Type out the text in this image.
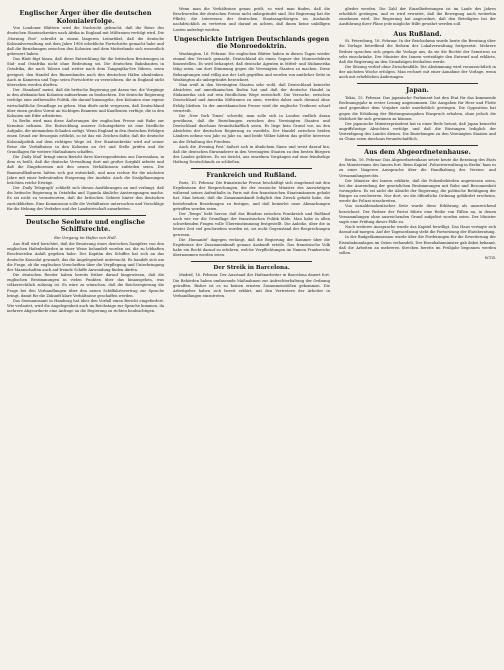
Englischer Ärger über die deutschen Kolonialerfolge.

Von Londoner Blättern wird die Nachricht gebracht, daß die Reise des deutschen Staatssekretärs nach Afrika in England mit Mißtrauen verfolgt wird. Die ‚Morning Post‘ schreibt in einem längeren Leitartikel, daß die deutsche Kolonialverwaltung seit dem Jahre 1906 erhebliche Fortschritte gemacht habe und daß die Beziehungen zwischen den Kolonien und dem Mutterlande sich wesentlich gebessert haben.

Das Blatt fügt hinzu, daß diese Entwicklung für die britischen Besitzungen in Süd- und Ostafrika nicht ohne Bedeutung sei. Die deutschen Bahnbauten in Ostafrika, die nach Tabora und weiter nach dem Tanganjika-See führen, seien geeignet, den Handel des Binnenlandes nach den deutschen Häfen abzulenken. Auch in Kamerun und Togo seien Fortschritte zu verzeichnen, die in England nicht übersehen werden dürften.

Der ‚Standard‘ meint, daß die britische Regierung gut daran tue, die Vorgänge in den afrikanischen Kolonien aufmerksam zu beobachten. Die deutsche Regierung verfolge eine zielbewußte Politik, die darauf hinausgehe, den Kolonien eine eigene wirtschaftliche Grundlage zu geben. Man dürfe nicht vergessen, daß Deutschland über einen großen Vorrat an tüchtigen Beamten und Kaufleuten verfüge, die in den Kolonien mit Eifer arbeiteten.

In Berlin wird man diese Äußerungen der englischen Presse mit Ruhe zur Kenntnis nehmen. Die Entwicklung unserer Schutzgebiete ist eine friedliche Aufgabe, die niemandem Schaden zufügt. Wenn England in den deutschen Erfolgen einen Grund zur Besorgnis erblickt, so ist das ein Zeichen dafür, daß die deutsche Kolonialpolitik auf dem richtigen Wege ist. Der Staatssekretär wird auf seiner Reise die Verhältnisse in den Kolonien an Ort und Stelle prüfen und die Grundlagen für weitere Maßnahmen schaffen.

Die ‚Daily Mail‘ bringt einen Bericht ihres Korrespondenten aus Daressalam, in dem es heißt, daß die deutsche Verwaltung dort mit großer Sorgfalt arbeite und daß die Eingeborenen mit den neuen Verhältnissen zufrieden seien. Die Baumwollkulturen hätten sich gut entwickelt, und man rechne für die nächsten Jahre mit einer bedeutenden Steigerung der Ausfuhr. Auch die Sisalpflanzungen brächten reiche Erträge.

Der ‚Daily Telegraph‘ schließt sich diesen Ausführungen an und verlangt, daß die britische Regierung in Ostafrika und Uganda ähnliche Anstrengungen mache. Es sei nicht zu verantworten, daß die britischen Gebiete hinter den deutschen zurückblieben. Eine Kommission solle die Verhältnisse untersuchen und Vorschläge für die Hebung des Verkehrs und der Landwirtschaft ausarbeiten.

Deutsche Seeleute und englische Schiffsrechte.
Ein Vorgang im Hafen von Hull.

Aus Hull wird berichtet, daß die Besatzung eines deutschen Dampfers von den englischen Hafenbehörden in einer Weise behandelt worden sei, die zu lebhaften Beschwerden Anlaß gegeben habe. Der Kapitän des Schiffes hat sich an das deutsche Konsulat gewandt, das die Angelegenheit untersucht. Es handelt sich um die Frage, ob die englischen Vorschriften über die Verpflegung und Unterbringung der Mannschaften auch auf fremde Schiffe Anwendung finden dürfen.

Die deutschen Reeder haben bereits früher darauf hingewiesen, daß die englischen Bestimmungen in vielen Punkten über das hinausgehen, was völkerrechtlich zulässig ist. Es wäre zu wünschen, daß die Reichsregierung die Frage bei den Verhandlungen über den neuen Schiffahrtsvertrag zur Sprache bringt, damit für die Zukunft klare Verhältnisse geschaffen werden.

Das Seemannsamt in Hamburg hat über den Vorfall einen Bericht eingefordert. Wie verlautet, wird die Angelegenheit auch im Reichstage zur Sprache kommen, da mehrere Abgeordnete eine Anfrage an die Regierung zu richten beabsichtigen.

Wenn man die Verhältnisse genau prüft, so wird man finden, daß die Beschwerden der deutschen Presse nicht unbegründet sind. Die Regierung hat die Pflicht, die Interessen der deutschen Staatsangehörigen im Auslande nachdrücklich zu vertreten und darauf zu achten, daß ihnen keine unbilligen Lasten auferlegt werden.

Ungeschickte Intrigen Deutschlands gegen die Monroedoktrin.

Washington, 16. Februar. Die englischen Blätter haben in diesen Tagen wieder einmal den Versuch gemacht, Deutschland als einen Gegner der Monroedoktrin hinzustellen. Es wird behauptet, daß deutsche Agenten in Mittel- und Südamerika tätig seien, um dort Stimmung gegen die Vereinigten Staaten zu machen. Diese Behauptungen sind völlig aus der Luft gegriffen und werden von amtlicher Seite in Washington als unbegründet bezeichnet.

Man weiß in den Vereinigten Staaten sehr wohl, daß Deutschland keinerlei Absichten auf amerikanischen Boden hat und daß der deutsche Handel in Südamerika sich auf rein friedlichem Wege entwickelt. Die Versuche, zwischen Deutschland und Amerika Mißtrauen zu säen, werden daher auch diesmal ohne Erfolg bleiben. In der amerikanischen Presse wird die englische Treiberei scharf verurteilt.

Die ‚New York Times‘ schreibt, man solle sich in London endlich daran gewöhnen, daß die Beziehungen zwischen den Vereinigten Staaten und Deutschland durchaus freundschaftlich seien. Es liege kein Grund vor, an den Absichten der deutschen Regierung zu zweifeln. Der Handel zwischen beiden Ländern nehme von Jahr zu Jahr zu, und beide Völker hätten das größte Interesse an der Erhaltung des Friedens.

Auch die ‚Evening Post‘ äußert sich in ähnlichem Sinne und weist darauf hin, daß die deutschen Einwanderer in den Vereinigten Staaten zu den besten Bürgern des Landes gehören. Es sei töricht, aus einzelnen Vorgängen auf eine feindselige Haltung Deutschlands zu schließen.

Frankreich und Rußland.

Paris, 15. Februar. Die französische Presse beschäftigt sich eingehend mit den Ergebnissen der Besprechungen, die der russische Minister des Auswärtigen während seines Aufenthalts in Paris mit den französischen Staatsmännern gehabt hat. Man betont, daß die Zusammenkunft lediglich den Zweck gehabt habe, die bestehenden Beziehungen zu festigen, und daß keinerlei neue Abmachungen getroffen worden seien.

Der ‚Temps‘ hebt hervor, daß das Bündnis zwischen Frankreich und Rußland nach wie vor die Grundlage der französischen Politik bilde. Man habe in allen schwebenden Fragen volle Übereinstimmung festgestellt. Die Anleihe, über die in letzter Zeit viel geschrieben worden ist, sei nicht Gegenstand der Besprechungen gewesen.

Die ‚Humanité‘ dagegen verlangt, daß die Regierung der Kammer über die Ergebnisse der Zusammenkunft genaue Auskunft erteile. Das französische Volk habe ein Recht darauf zu erfahren, welche Verpflichtungen im Namen Frankreichs übernommen worden seien.

Der Streik in Barcelona.

Madrid, 16. Februar. Der Ausstand der Hafenarbeiter in Barcelona dauert fort. Die Behörden haben umfassende Maßnahmen zur Aufrechterhaltung der Ordnung getroffen. Bisher ist es zu keinen ernsten Zusammenstößen gekommen. Die Arbeitgeber haben sich bereit erklärt, mit den Vertretern der Arbeiter in Verhandlungen einzutreten.

glieder werden. Die Zahl der Einzelbefreiungen ist im Laufe des Jahres erheblich gestiegen, und es wird erwartet, daß die Bewegung auch weiterhin zunehmen wird. Die Regierung hat angeordnet, daß den Beteiligten bei der Ausführung ihrer Pläne jede mögliche Hilfe gewährt werden soll.

Aus Rußland.

St. Petersburg, 16. Februar. In der Reichsduma wurde heute die Beratung über die Vorlage betreffend die Reform der Lokalverwaltung fortgesetzt. Mehrere Redner sprachen sich gegen die Vorlage aus, da sie die Rechte der Semstwos zu sehr einschränke. Der Minister des Innern verteidigte den Entwurf und erklärte, daß die Regierung an den Grundzügen festhalten werde.

Die Sitzung verlief ohne Zwischenfälle. Die Abstimmung wird voraussichtlich in der nächsten Woche erfolgen. Man rechnet mit einer Annahme der Vorlage, wenn auch mit erheblichen Änderungen.

Japan.

Tokio, 15. Februar. Das japanische Parlament hat den Etat für das kommende Rechnungsjahr in erster Lesung angenommen. Die Ausgaben für Heer und Flotte sind gegenüber dem Vorjahre nicht unerheblich gestiegen. Die Opposition hat gegen die Erhöhung der Rüstungsausgaben Einspruch erhoben, ohne jedoch die Mehrheit für sich gewinnen zu können.

Der japanische Ministerpräsident hat in einer Rede betont, daß Japan keinerlei angriffslustige Absichten verfolge und daß die Rüstungen lediglich der Verteidigung des Landes dienen. Die Beziehungen zu den Vereinigten Staaten und zu China seien durchaus freundschaftlich.

Aus dem Abgeordnetenhause.

Berlin, 16. Februar. Das Abgeordnetenhaus setzte heute die Beratung des Etats des Ministeriums des Innern fort. Beim Kapitel ‚Polizeiverwaltung in Berlin‘ kam es zu einer längeren Aussprache über die Handhabung des Vereins- und Versammlungsrechts.

Der Minister des Innern erklärte, daß die Polizeibehörden angewiesen seien, bei der Anwendung der gesetzlichen Bestimmungen mit Ruhe und Besonnenheit vorzugehen. Es sei nicht die Absicht der Regierung, die politische Betätigung der Bürger zu erschweren. Nur dort, wo die öffentliche Ordnung gefährdet erscheine, werde die Polizei einschreiten.

Von sozialdemokratischer Seite wurde diese Erklärung als unzureichend bezeichnet. Der Redner der Partei führte eine Reihe von Fällen an, in denen Versammlungen ohne ausreichenden Grund aufgelöst worden seien. Der Minister sagte eine Prüfung dieser Fälle zu.

Nach weiterer Aussprache wurde das Kapitel bewilligt. Das Haus vertagte sich darauf auf morgen. Auf der Tagesordnung steht die Fortsetzung der Etatsberatung.

In der Budgetkommission wurde über die Forderungen für die Erweiterung der Eisenbahnanlagen im Osten verhandelt. Der Eisenbahnminister gab dabei bekannt, daß die Arbeiten an mehreren Strecken bereits im Frühjahr begonnen werden sollen.

W.T.B.
